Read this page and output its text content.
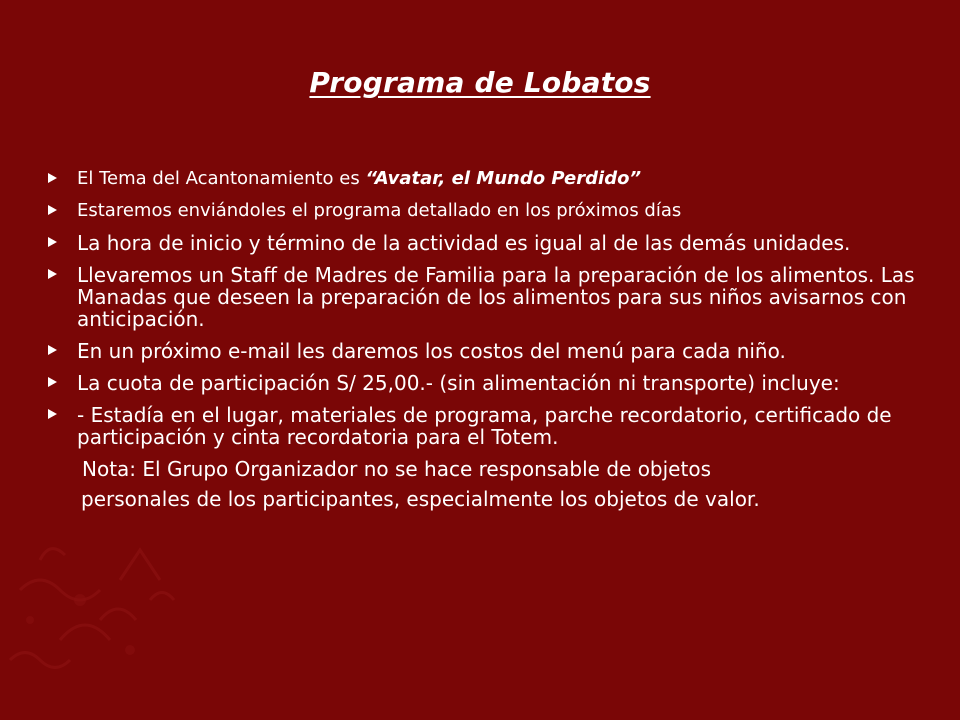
Programa de Lobatos
El Tema del Acantonamiento es “Avatar, el Mundo Perdido”
Estaremos enviándoles el programa detallado en los próximos días
La hora de inicio y término de la actividad es igual al de las demás unidades.
Llevaremos un Staff de Madres de Familia para la preparación de los alimentos. Las Manadas que deseen la preparación de los alimentos para sus niños avisarnos con anticipación.
En un próximo e-mail les daremos los costos del menú para cada niño.
La cuota de participación S/ 25,00.- (sin alimentación ni transporte) incluye:
- Estadía en el lugar, materiales de programa, parche recordatorio, certificado de participación y cinta recordatoria para el Totem.
Nota: El Grupo Organizador no se hace responsable de objetos
personales de los participantes, especialmente los objetos de valor.
